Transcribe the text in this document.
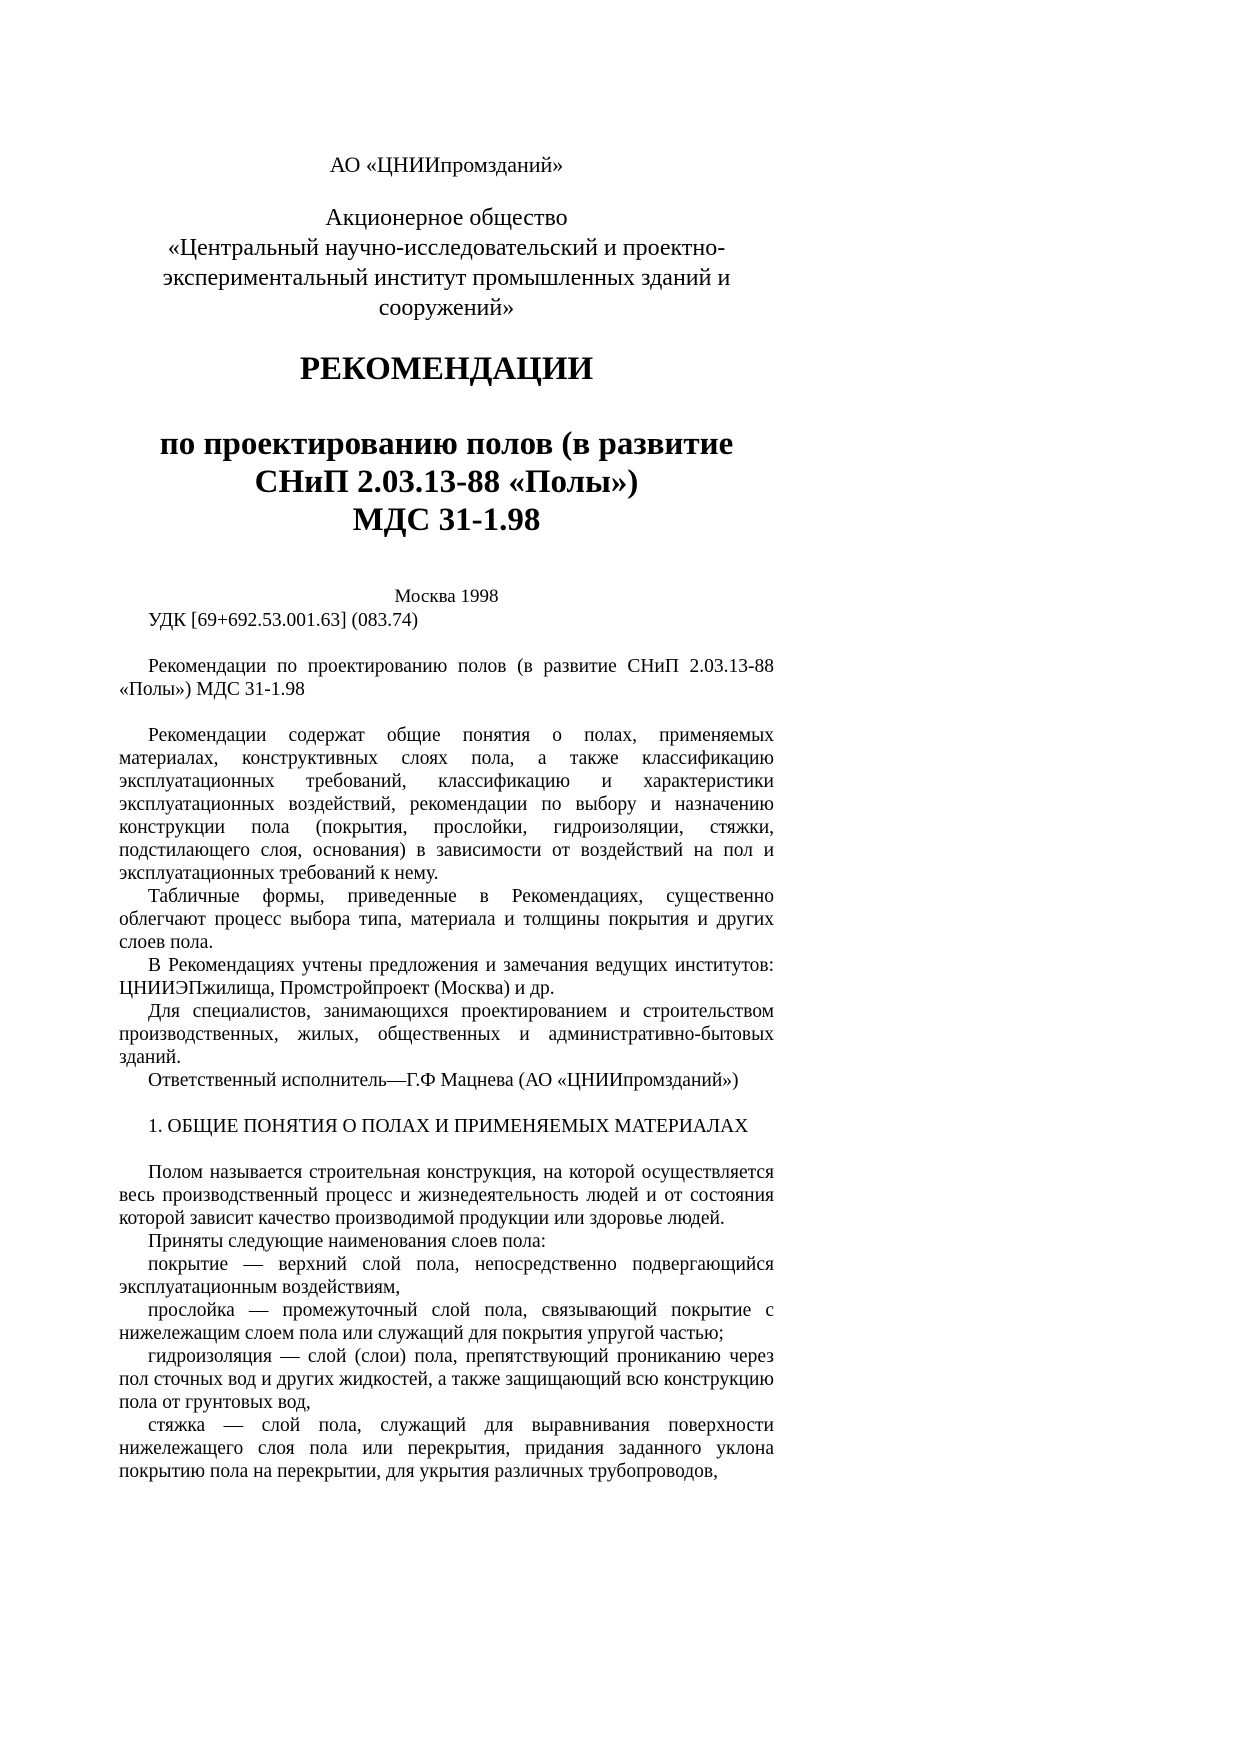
АО «ЦНИИпромзданий»
Акционерное общество
«Центральный научно-исследовательский и проектно-
экспериментальный институт промышленных зданий и
сооружений»
РЕКОМЕНДАЦИИ
по проектированию полов (в развитие
СНиП 2.03.13-88 «Полы»)
МДС 31-1.98
Москва 1998

УДК [69+692.53.001.63] (083.74)

Рекомендации по проектированию полов (в развитие СНиП 2.03.13-88 «Полы») МДС 31-1.98

Рекомендации содержат общие понятия о полах, применяемых материалах, конструктивных слоях пола, а также классификацию эксплуатационных требований, классификацию и характеристики эксплуатационных воздействий, рекомендации по выбору и назначению конструкции пола (покрытия, прослойки, гидроизоляции, стяжки, подстилающего слоя, основания) в зависимости от воздействий на пол и эксплуатационных требований к нему.

Табличные формы, приведенные в Рекомендациях, существенно облегчают процесс выбора типа, материала и толщины покрытия и других слоев пола.

В Рекомендациях учтены предложения и замечания ведущих институтов: ЦНИИЭПжилища, Промстройпроект (Москва) и др.

Для специалистов, занимающихся проектированием и строительством производственных, жилых, общественных и административно-бытовых зданий.

Ответственный исполнитель—Г.Ф Мацнева (АО «ЦНИИпромзданий»)

1. ОБЩИЕ ПОНЯТИЯ О ПОЛАХ И ПРИМЕНЯЕМЫХ МАТЕРИАЛАХ

Полом называется строительная конструкция, на которой осуществляется весь производственный процесс и жизнедеятельность людей и от состояния которой зависит качество производимой продукции или здоровье людей.

Приняты следующие наименования слоев пола:

покрытие — верхний слой пола, непосредственно подвергающийся эксплуатационным воздействиям,

прослойка — промежуточный слой пола, связывающий покрытие с нижележащим слоем пола или служащий для покрытия упругой частью;

гидроизоляция — слой (слои) пола, препятствующий прониканию через пол сточных вод и других жидкостей, а также защищающий всю конструкцию пола от грунтовых вод,

стяжка — слой пола, служащий для выравнивания поверхности нижележащего слоя пола или перекрытия, придания заданного уклона покрытию пола на перекрытии, для укрытия различных трубопроводов,
